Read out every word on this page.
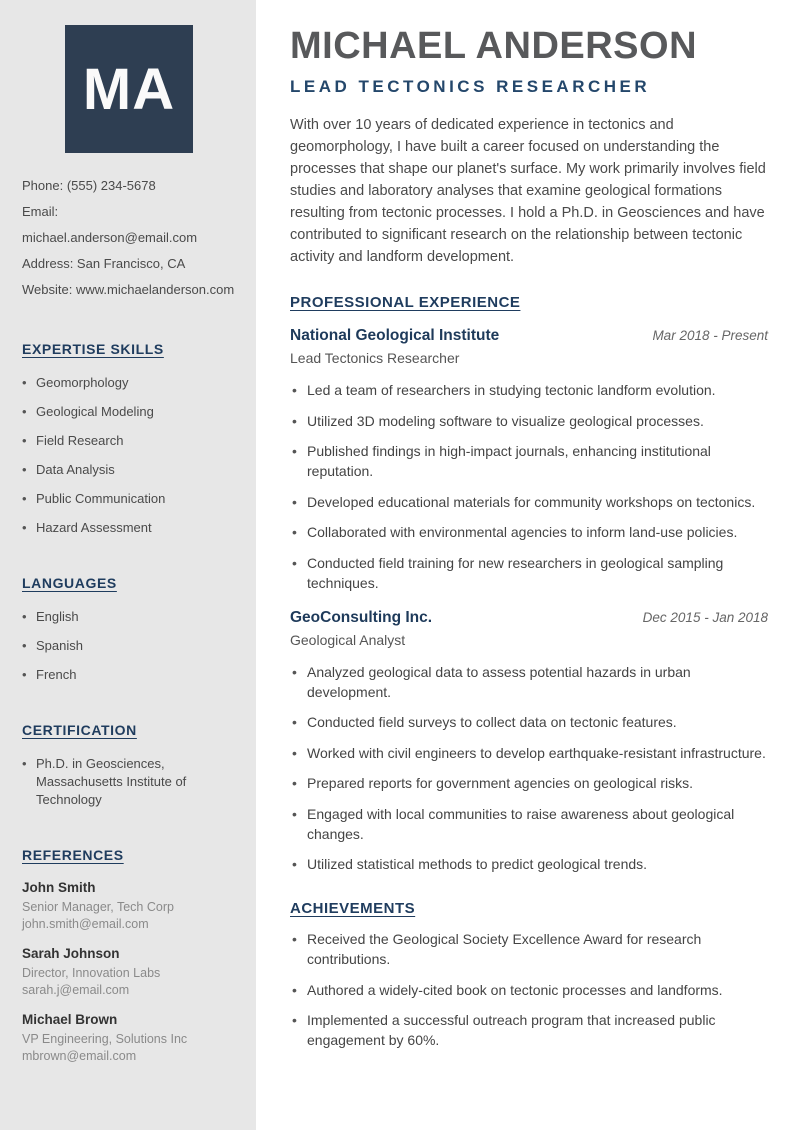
MA
Phone: (555) 234-5678
Email: michael.anderson@email.com
Address: San Francisco, CA
Website: www.michaelanderson.com
EXPERTISE SKILLS
• Geomorphology
• Geological Modeling
• Field Research
• Data Analysis
• Public Communication
• Hazard Assessment
LANGUAGES
• English
• Spanish
• French
CERTIFICATION
• Ph.D. in Geosciences, Massachusetts Institute of Technology
REFERENCES
John Smith
Senior Manager, Tech Corp
john.smith@email.com
Sarah Johnson
Director, Innovation Labs
sarah.j@email.com
Michael Brown
VP Engineering, Solutions Inc
mbrown@email.com
MICHAEL ANDERSON
LEAD TECTONICS RESEARCHER

With over 10 years of dedicated experience in tectonics and geomorphology, I have built a career focused on understanding the processes that shape our planet's surface. My work primarily involves field studies and laboratory analyses that examine geological formations resulting from tectonic processes. I hold a Ph.D. in Geosciences and have contributed to significant research on the relationship between tectonic activity and landform development.

PROFESSIONAL EXPERIENCE
National Geological Institute	Mar 2018 - Present
Lead Tectonics Researcher
• Led a team of researchers in studying tectonic landform evolution.
• Utilized 3D modeling software to visualize geological processes.
• Published findings in high-impact journals, enhancing institutional reputation.
• Developed educational materials for community workshops on tectonics.
• Collaborated with environmental agencies to inform land-use policies.
• Conducted field training for new researchers in geological sampling techniques.
GeoConsulting Inc.	Dec 2015 - Jan 2018
Geological Analyst
• Analyzed geological data to assess potential hazards in urban development.
• Conducted field surveys to collect data on tectonic features.
• Worked with civil engineers to develop earthquake-resistant infrastructure.
• Prepared reports for government agencies on geological risks.
• Engaged with local communities to raise awareness about geological changes.
• Utilized statistical methods to predict geological trends.
ACHIEVEMENTS
• Received the Geological Society Excellence Award for research contributions.
• Authored a widely-cited book on tectonic processes and landforms.
• Implemented a successful outreach program that increased public engagement by 60%.
